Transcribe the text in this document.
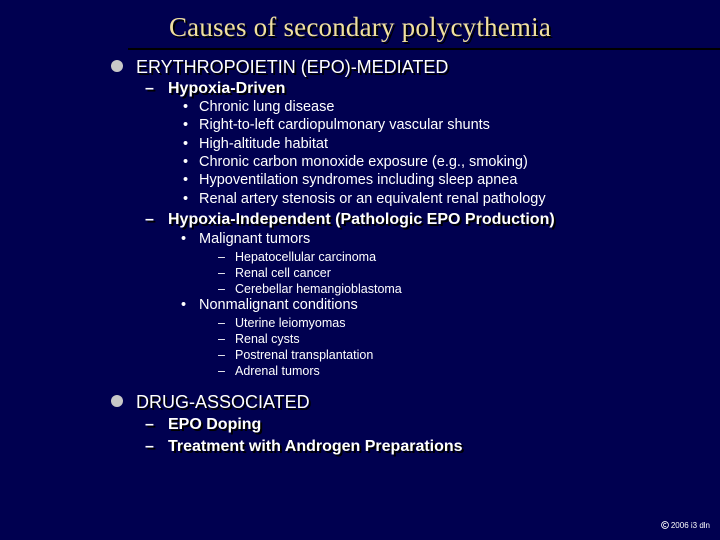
Causes of secondary polycythemia
ERYTHROPOIETIN (EPO)-MEDIATED
– Hypoxia-Driven
• Chronic lung disease
• Right-to-left cardiopulmonary vascular shunts
• High-altitude habitat
• Chronic carbon monoxide exposure (e.g., smoking)
• Hypoventilation syndromes including sleep apnea
• Renal artery stenosis or an equivalent renal pathology
– Hypoxia-Independent (Pathologic EPO Production)
• Malignant tumors
– Hepatocellular carcinoma
– Renal cell cancer
– Cerebellar hemangioblastoma
• Nonmalignant conditions
– Uterine leiomyomas
– Renal cysts
– Postrenal transplantation
– Adrenal tumors
DRUG-ASSOCIATED
– EPO Doping
– Treatment with Androgen Preparations
2006 i3 dln
